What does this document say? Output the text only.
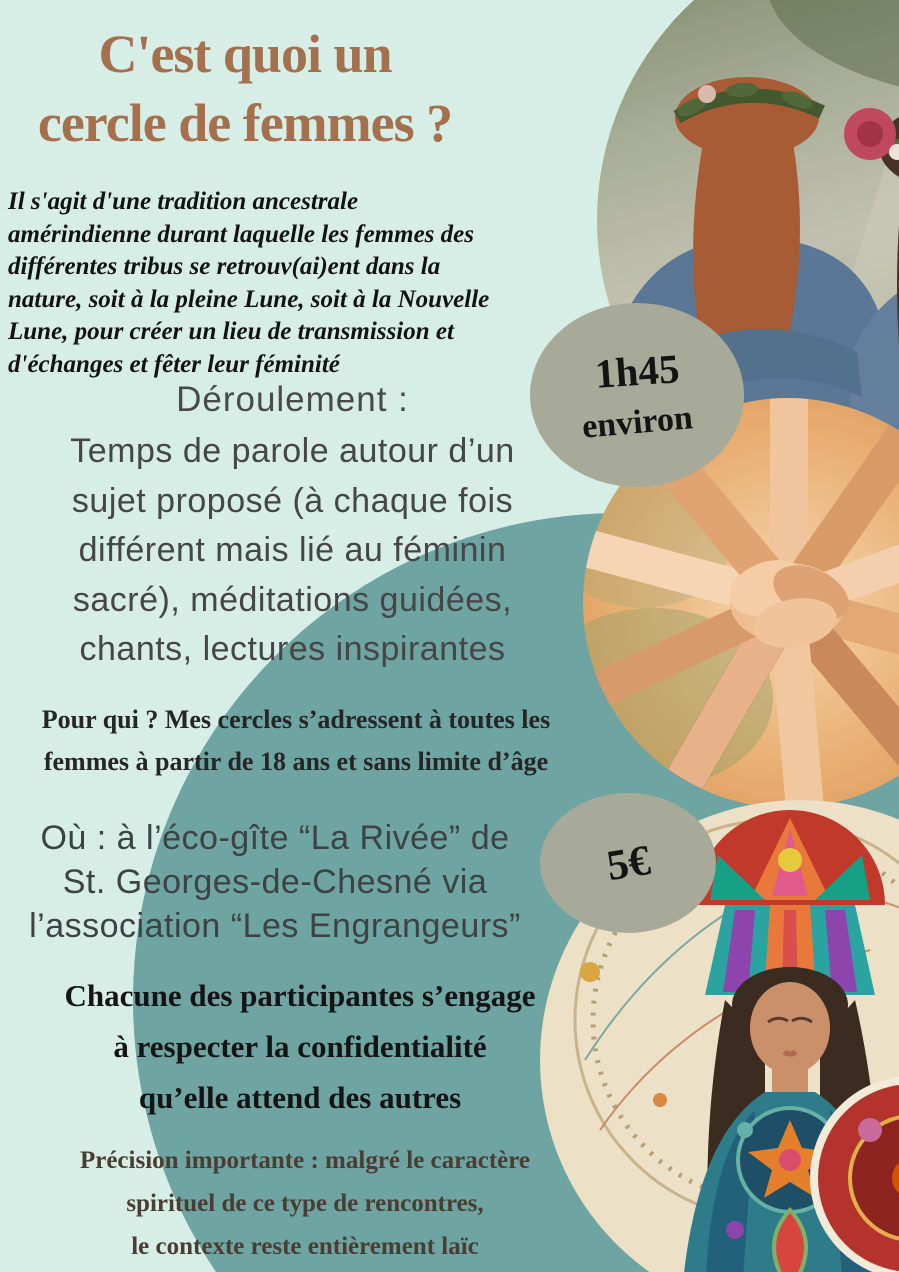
1h45
environ
5€
C'est quoi un
cercle de femmes ?
Il s'agit d'une tradition ancestrale
amérindienne durant laquelle les femmes des
différentes tribus se retrouv(ai)ent dans la
nature, soit à la pleine Lune, soit à la Nouvelle
Lune, pour créer un lieu de transmission et
d'échanges et fêter leur féminité
Déroulement :
Temps de parole autour d’un
sujet proposé (à chaque fois
différent mais lié au féminin
sacré), méditations guidées,
chants, lectures inspirantes
Pour qui ? Mes cercles s’adressent à toutes les
femmes à partir de 18 ans et sans limite d’âge
Où : à l’éco-gîte “La Rivée” de
St. Georges-de-Chesné via
l’association “Les Engrangeurs”
Chacune des participantes s’engage
à respecter la confidentialité
qu’elle attend des autres
Précision importante : malgré le caractère
spirituel de ce type de rencontres,
le contexte reste entièrement laïc
